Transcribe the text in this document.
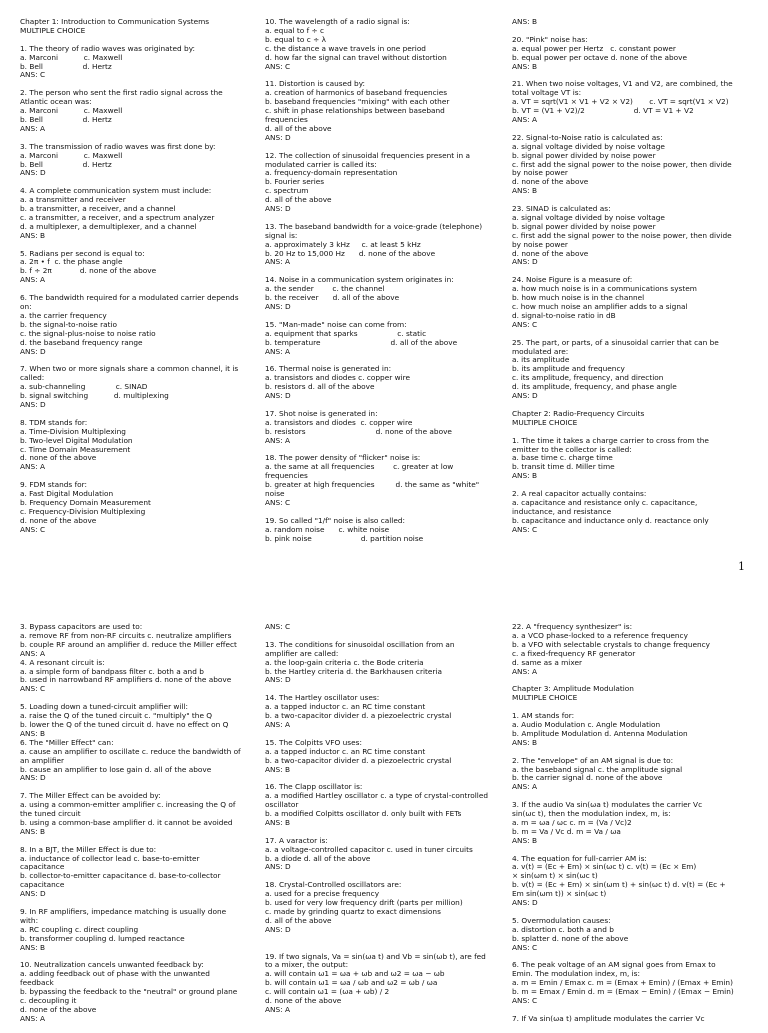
Chapter 1: Introduction to Communication Systems
MULTIPLE CHOICE

1. The theory of radio waves was originated by:
a. Marconi           c. Maxwell
b. Bell                 d. Hertz
ANS: C

2. The person who sent the first radio signal across the
Atlantic ocean was:
a. Marconi           c. Maxwell
b. Bell                 d. Hertz
ANS: A

3. The transmission of radio waves was first done by:
a. Marconi           c. Maxwell
b. Bell                 d. Hertz
ANS: D

4. A complete communication system must include:
a. a transmitter and receiver
b. a transmitter, a receiver, and a channel
c. a transmitter, a receiver, and a spectrum analyzer
d. a multiplexer, a demultiplexer, and a channel
ANS: B

5. Radians per second is equal to:
a. 2π • f  c. the phase angle
b. f ÷ 2π            d. none of the above
ANS: A

6. The bandwidth required for a modulated carrier depends
on:
a. the carrier frequency
b. the signal-to-noise ratio
c. the signal-plus-noise to noise ratio
d. the baseband frequency range
ANS: D

7. When two or more signals share a common channel, it is
called:
a. sub-channeling             c. SINAD
b. signal switching           d. multiplexing
ANS: D

8. TDM stands for:
a. Time-Division Multiplexing
b. Two-level Digital Modulation
c. Time Domain Measurement
d. none of the above
ANS: A

9. FDM stands for:
a. Fast Digital Modulation
b. Frequency Domain Measurement
c. Frequency-Division Multiplexing
d. none of the above
ANS: C
10. The wavelength of a radio signal is:
a. equal to f ÷ c
b. equal to c ÷ λ
c. the distance a wave travels in one period
d. how far the signal can travel without distortion
ANS: C

11. Distortion is caused by:
a. creation of harmonics of baseband frequencies
b. baseband frequencies "mixing" with each other
c. shift in phase relationships between baseband
frequencies
d. all of the above
ANS: D

12. The collection of sinusoidal frequencies present in a
modulated carrier is called its:
a. frequency-domain representation
b. Fourier series
c. spectrum
d. all of the above
ANS: D

13. The baseband bandwidth for a voice-grade (telephone)
signal is:
a. approximately 3 kHz     c. at least 5 kHz
b. 20 Hz to 15,000 Hz      d. none of the above
ANS: A

14. Noise in a communication system originates in:
a. the sender        c. the channel
b. the receiver      d. all of the above
ANS: D

15. "Man-made" noise can come from:
a. equipment that sparks                 c. static
b. temperature                              d. all of the above
ANS: A

16. Thermal noise is generated in:
a. transistors and diodes c. copper wire
b. resistors d. all of the above
ANS: D

17. Shot noise is generated in:
a. transistors and diodes  c. copper wire
b. resistors                              d. none of the above
ANS: A

18. The power density of "flicker" noise is:
a. the same at all frequencies        c. greater at low
frequencies
b. greater at high frequencies         d. the same as "white"
noise
ANS: C

19. So called "1/f" noise is also called:
a. random noise      c. white noise
b. pink noise                     d. partition noise
ANS: B

20. "Pink" noise has:
a. equal power per Hertz   c. constant power
b. equal power per octave d. none of the above
ANS: B

21. When two noise voltages, V1 and V2, are combined, the
total voltage VT is:
a. VT = sqrt(V1 × V1 + V2 × V2)       c. VT = sqrt(V1 × V2)
b. VT = (V1 + V2)/2                     d. VT = V1 + V2
ANS: A

22. Signal-to-Noise ratio is calculated as:
a. signal voltage divided by noise voltage
b. signal power divided by noise power
c. first add the signal power to the noise power, then divide
by noise power
d. none of the above
ANS: B

23. SINAD is calculated as:
a. signal voltage divided by noise voltage
b. signal power divided by noise power
c. first add the signal power to the noise power, then divide
by noise power
d. none of the above
ANS: D

24. Noise Figure is a measure of:
a. how much noise is in a communications system
b. how much noise is in the channel
c. how much noise an amplifier adds to a signal
d. signal-to-noise ratio in dB
ANS: C

25. The part, or parts, of a sinusoidal carrier that can be
modulated are:
a. its amplitude
b. its amplitude and frequency
c. its amplitude, frequency, and direction
d. its amplitude, frequency, and phase angle
ANS: D

Chapter 2: Radio-Frequency Circuits
MULTIPLE CHOICE

1. The time it takes a charge carrier to cross from the
emitter to the collector is called:
a. base time c. charge time
b. transit time d. Miller time
ANS: B

2. A real capacitor actually contains:
a. capacitance and resistance only c. capacitance,
inductance, and resistance
b. capacitance and inductance only d. reactance only
ANS: C
1
3. Bypass capacitors are used to:
a. remove RF from non-RF circuits c. neutralize amplifiers
b. couple RF around an amplifier d. reduce the Miller effect
ANS: A
4. A resonant circuit is:
a. a simple form of bandpass filter c. both a and b
b. used in narrowband RF amplifiers d. none of the above
ANS: C

5. Loading down a tuned-circuit amplifier will:
a. raise the Q of the tuned circuit c. "multiply" the Q
b. lower the Q of the tuned circuit d. have no effect on Q
ANS: B
6. The "Miller Effect" can:
a. cause an amplifier to oscillate c. reduce the bandwidth of
an amplifier
b. cause an amplifier to lose gain d. all of the above
ANS: D

7. The Miller Effect can be avoided by:
a. using a common-emitter amplifier c. increasing the Q of
the tuned circuit
b. using a common-base amplifier d. it cannot be avoided
ANS: B

8. In a BJT, the Miller Effect is due to:
a. inductance of collector lead c. base-to-emitter
capacitance
b. collector-to-emitter capacitance d. base-to-collector
capacitance
ANS: D

9. In RF amplifiers, impedance matching is usually done
with:
a. RC coupling c. direct coupling
b. transformer coupling d. lumped reactance
ANS: B

10. Neutralization cancels unwanted feedback by:
a. adding feedback out of phase with the unwanted
feedback
b. bypassing the feedback to the "neutral" or ground plane
c. decoupling it
d. none of the above
ANS: A
ANS: C

13. The conditions for sinusoidal oscillation from an
amplifier are called:
a. the loop-gain criteria c. the Bode criteria
b. the Hartley criteria d. the Barkhausen criteria
ANS: D

14. The Hartley oscillator uses:
a. a tapped inductor c. an RC time constant
b. a two-capacitor divider d. a piezoelectric crystal
ANS: A

15. The Colpitts VFO uses:
a. a tapped inductor c. an RC time constant
b. a two-capacitor divider d. a piezoelectric crystal
ANS: B

16. The Clapp oscillator is:
a. a modified Hartley oscillator c. a type of crystal-controlled
oscillator
b. a modified Colpitts oscillator d. only built with FETs
ANS: B

17. A varactor is:
a. a voltage-controlled capacitor c. used in tuner circuits
b. a diode d. all of the above
ANS: D

18. Crystal-Controlled oscillators are:
a. used for a precise frequency
b. used for very low frequency drift (parts per million)
c. made by grinding quartz to exact dimensions
d. all of the above
ANS: D

19. If two signals, Va = sin(ωa t) and Vb = sin(ωb t), are fed
to a mixer, the output:
a. will contain ω1 = ωa + ωb and ω2 = ωa − ωb
b. will contain ω1 = ωa / ωb and ω2 = ωb / ωa
c. will contain ω1 = (ωa + ωb) / 2
d. none of the above
ANS: A
22. A "frequency synthesizer" is:
a. a VCO phase-locked to a reference frequency
b. a VFO with selectable crystals to change frequency
c. a fixed-frequency RF generator
d. same as a mixer
ANS: A

Chapter 3: Amplitude Modulation
MULTIPLE CHOICE

1. AM stands for:
a. Audio Modulation c. Angle Modulation
b. Amplitude Modulation d. Antenna Modulation
ANS: B

2. The "envelope" of an AM signal is due to:
a. the baseband signal c. the amplitude signal
b. the carrier signal d. none of the above
ANS: A

3. If the audio Va sin(ωa t) modulates the carrier Vc
sin(ωc t), then the modulation index, m, is:
a. m = ωa / ωc c. m = (Va / Vc)2
b. m = Va / Vc d. m = Va / ωa
ANS: B

4. The equation for full-carrier AM is:
a. v(t) = (Ec + Em) × sin(ωc t) c. v(t) = (Ec × Em)
× sin(ωm t) × sin(ωc t)
b. v(t) = (Ec + Em) × sin(ωm t) + sin(ωc t) d. v(t) = (Ec +
Em sin(ωm t)) × sin(ωc t)
ANS: D

5. Overmodulation causes:
a. distortion c. both a and b
b. splatter d. none of the above
ANS: C

6. The peak voltage of an AM signal goes from Emax to
Emin. The modulation index, m, is:
a. m = Emin / Emax c. m = (Emax + Emin) / (Emax + Emin)
b. m = Emax / Emin d. m = (Emax − Emin) / (Emax − Emin)
ANS: C

7. If Va sin(ωa t) amplitude modulates the carrier Vc
